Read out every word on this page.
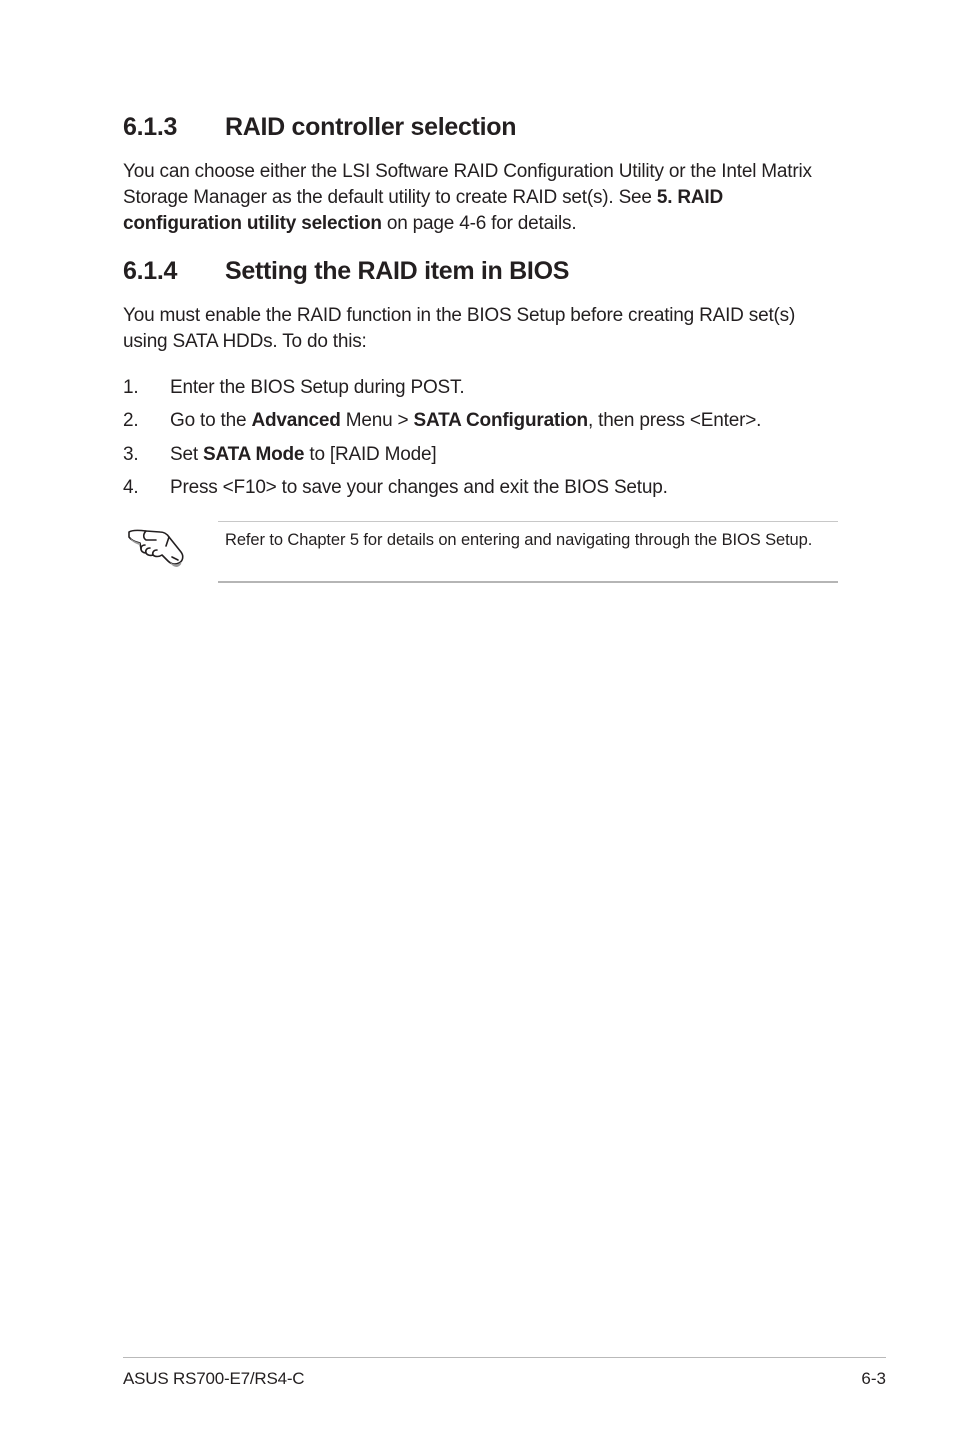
6.1.3 RAID controller selection

You can choose either the LSI Software RAID Configuration Utility or the Intel Matrix Storage Manager as the default utility to create RAID set(s). See 5. RAID configuration utility selection on page 4-6 for details.

6.1.4 Setting the RAID item in BIOS

You must enable the RAID function in the BIOS Setup before creating RAID set(s) using SATA HDDs. To do this:

1. Enter the BIOS Setup during POST.
2. Go to the Advanced Menu > SATA Configuration, then press <Enter>.
3. Set SATA Mode to [RAID Mode]
4. Press <F10> to save your changes and exit the BIOS Setup.

Refer to Chapter 5 for details on entering and navigating through the BIOS Setup.

ASUS RS700-E7/RS4-C	6-3
